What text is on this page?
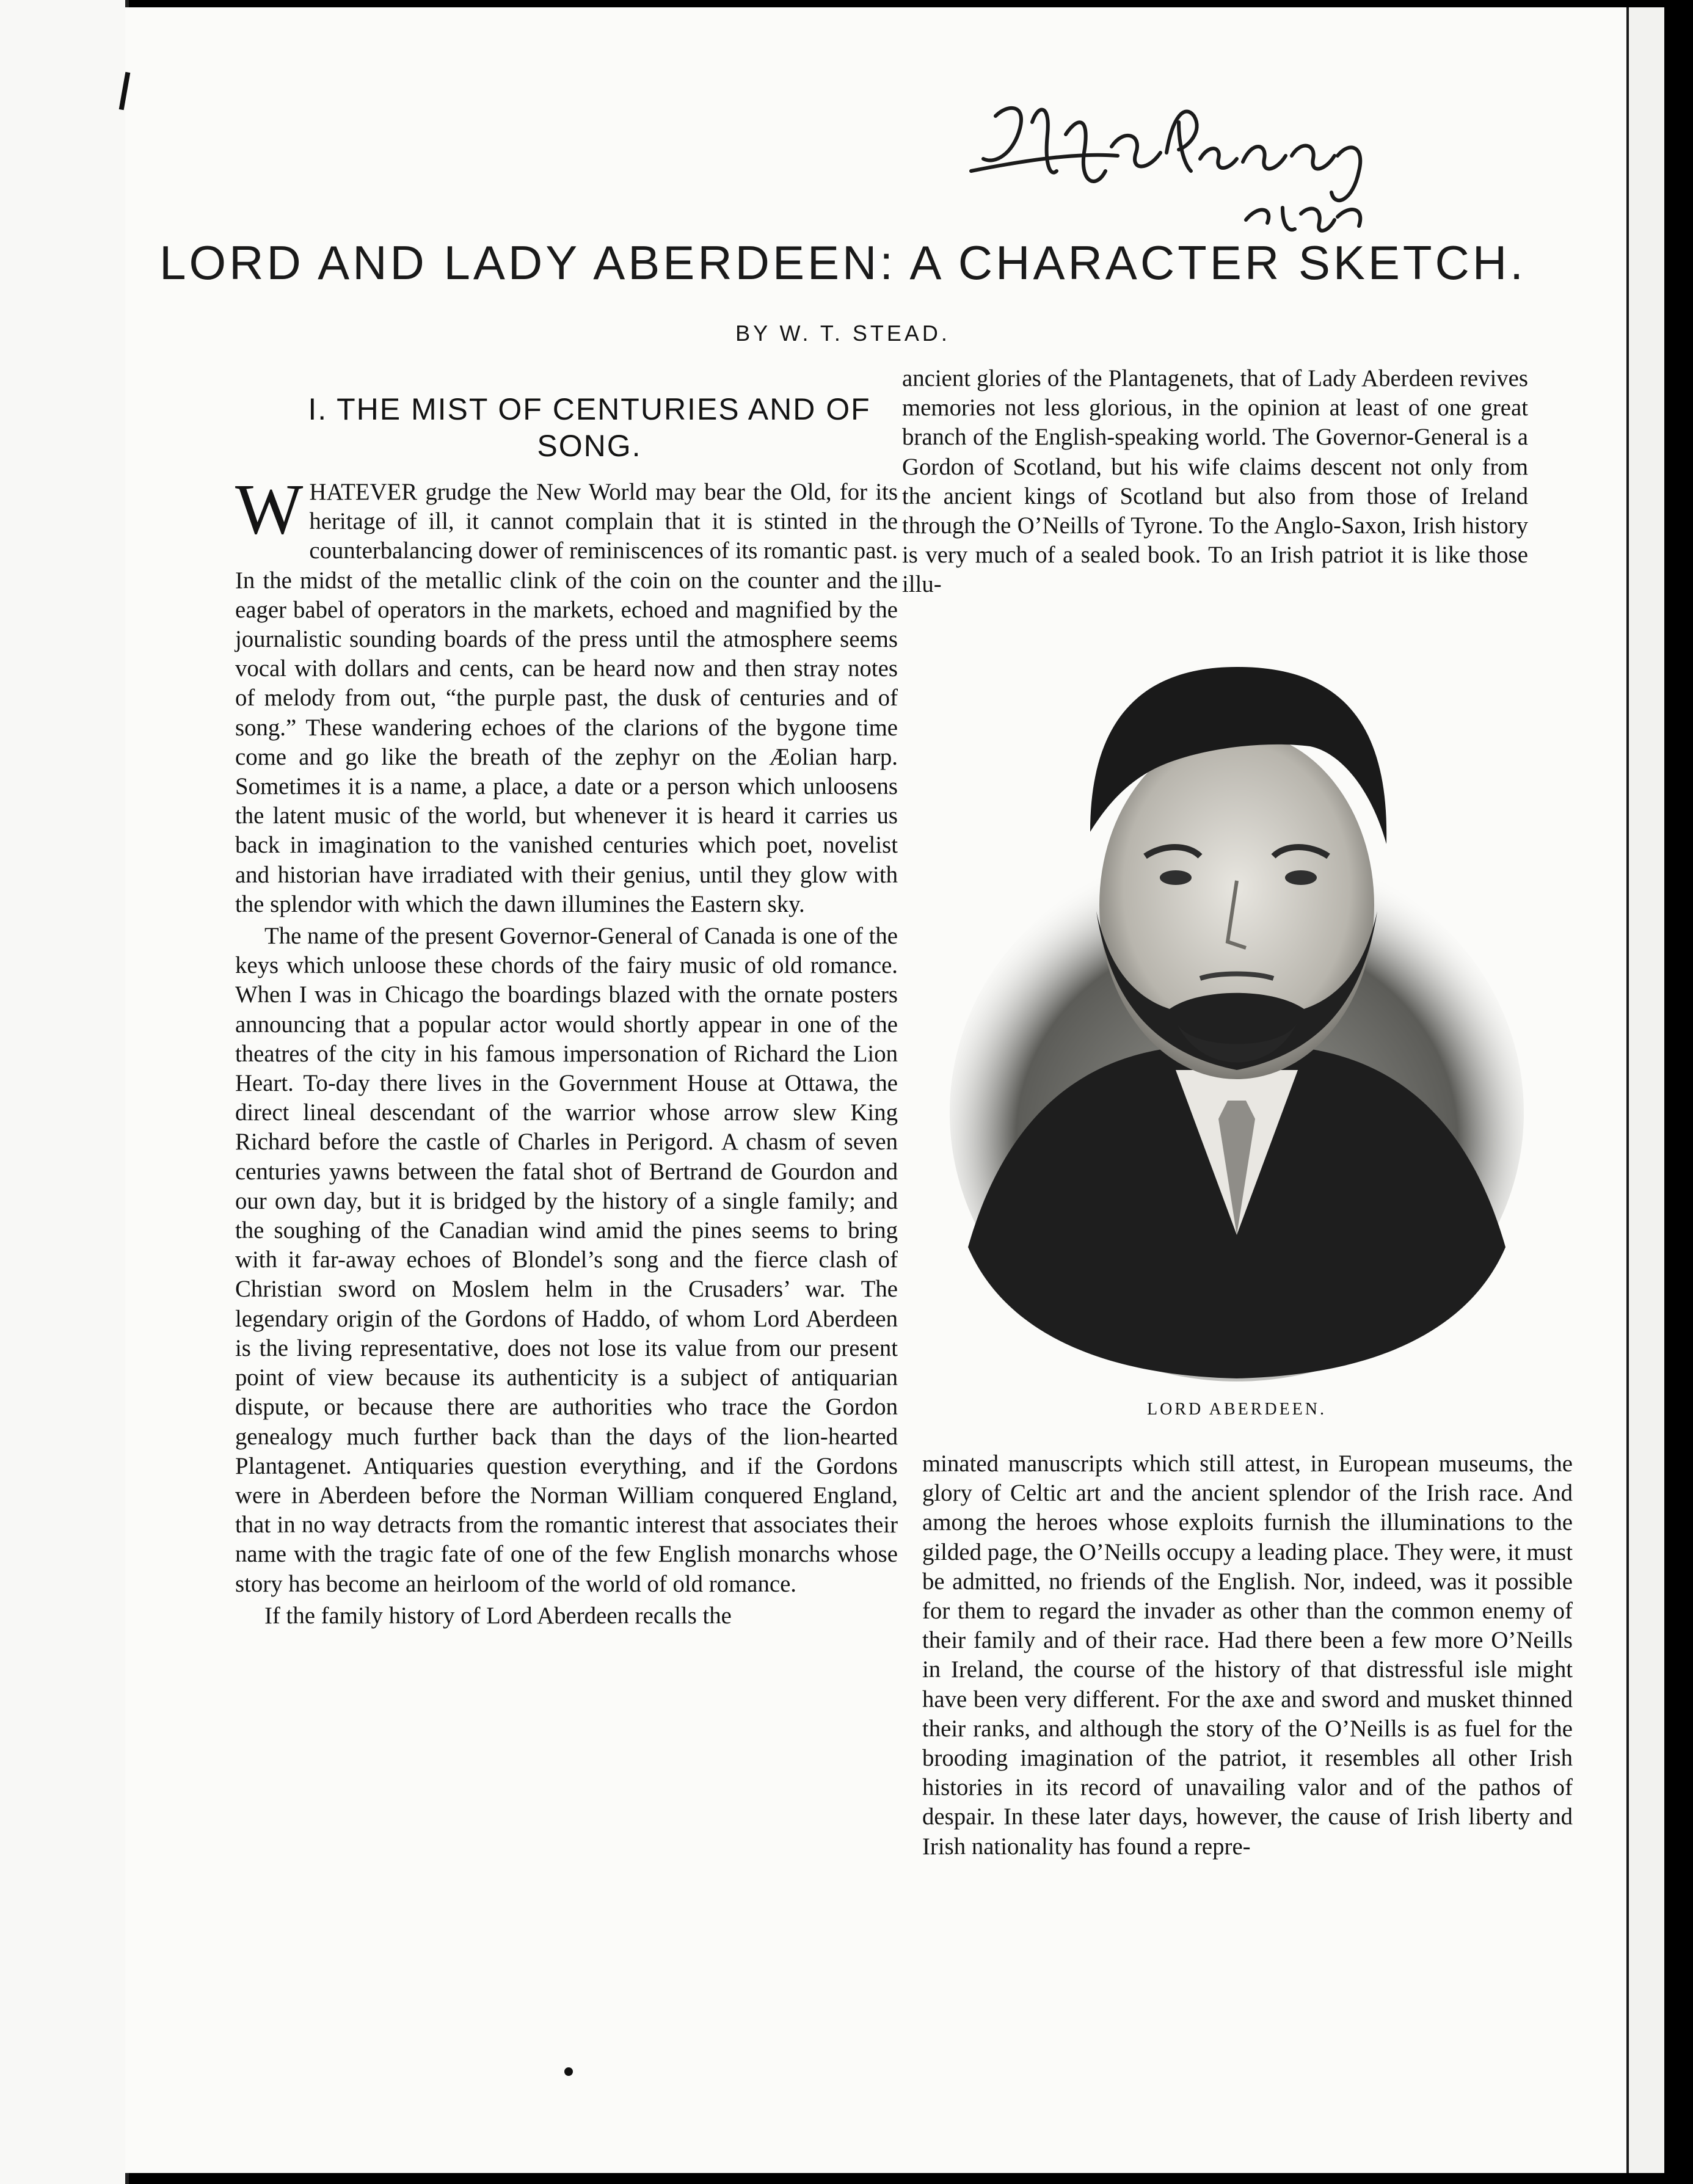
LORD AND LADY ABERDEEN: A CHARACTER SKETCH.
BY W. T. STEAD.
I. THE MIST OF CENTURIES AND OF SONG.

WHATEVER grudge the New World may bear the Old, for its heritage of ill, it cannot complain that it is stinted in the counterbalancing dower of reminiscences of its romantic past. In the midst of the metallic clink of the coin on the counter and the eager babel of operators in the markets, echoed and magnified by the journalistic sounding boards of the press until the atmosphere seems vocal with dollars and cents, can be heard now and then stray notes of melody from out, “the purple past, the dusk of centuries and of song.” These wandering echoes of the clarions of the bygone time come and go like the breath of the zephyr on the Æolian harp. Sometimes it is a name, a place, a date or a person which unloosens the latent music of the world, but whenever it is heard it carries us back in imagination to the vanished centuries which poet, novelist and historian have irradiated with their genius, until they glow with the splendor with which the dawn illumines the Eastern sky.

The name of the present Governor-General of Canada is one of the keys which unloose these chords of the fairy music of old romance. When I was in Chicago the boardings blazed with the ornate posters announcing that a popular actor would shortly appear in one of the theatres of the city in his famous impersonation of Richard the Lion Heart. To-day there lives in the Government House at Ottawa, the direct lineal descendant of the warrior whose arrow slew King Richard before the castle of Charles in Perigord. A chasm of seven centuries yawns between the fatal shot of Bertrand de Gourdon and our own day, but it is bridged by the history of a single family; and the soughing of the Canadian wind amid the pines seems to bring with it far-away echoes of Blondel’s song and the fierce clash of Christian sword on Moslem helm in the Crusaders’ war. The legendary origin of the Gordons of Haddo, of whom Lord Aberdeen is the living representative, does not lose its value from our present point of view because its authenticity is a subject of antiquarian dispute, or because there are authorities who trace the Gordon genealogy much further back than the days of the lion-hearted Plantagenet. Antiquaries question everything, and if the Gordons were in Aberdeen before the Norman William conquered England, that in no way detracts from the romantic interest that associates their name with the tragic fate of one of the few English monarchs whose story has become an heirloom of the world of old romance.

If the family history of Lord Aberdeen recalls the

ancient glories of the Plantagenets, that of Lady Aberdeen revives memories not less glorious, in the opinion at least of one great branch of the English-speaking world. The Governor-General is a Gordon of Scotland, but his wife claims descent not only from the ancient kings of Scotland but also from those of Ireland through the O’Neills of Tyrone. To the Anglo-Saxon, Irish history is very much of a sealed book. To an Irish patriot it is like those illu-

LORD ABERDEEN.

minated manuscripts which still attest, in European museums, the glory of Celtic art and the ancient splendor of the Irish race. And among the heroes whose exploits furnish the illuminations to the gilded page, the O’Neills occupy a leading place. They were, it must be admitted, no friends of the English. Nor, indeed, was it possible for them to regard the invader as other than the common enemy of their family and of their race. Had there been a few more O’Neills in Ireland, the course of the history of that distressful isle might have been very different. For the axe and sword and musket thinned their ranks, and although the story of the O’Neills is as fuel for the brooding imagination of the patriot, it resembles all other Irish histories in its record of unavailing valor and of the pathos of despair. In these later days, however, the cause of Irish liberty and Irish nationality has found a repre-
